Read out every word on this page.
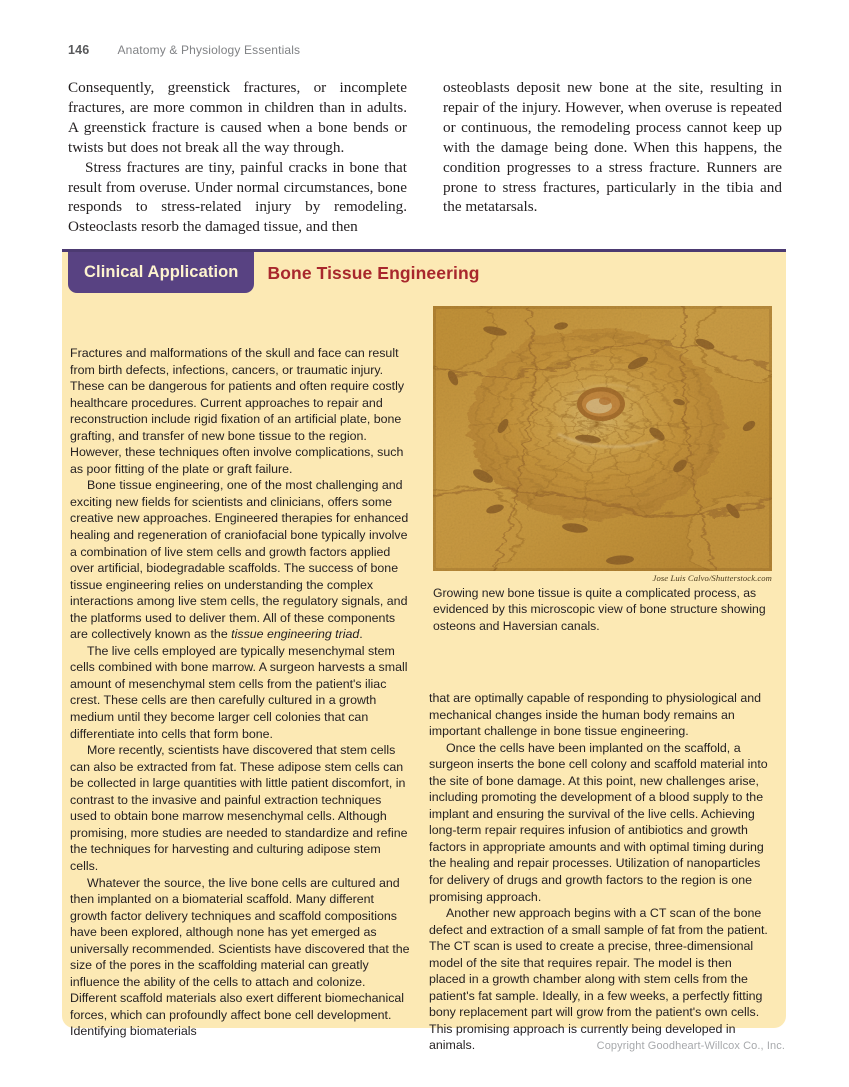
146 Anatomy & Physiology Essentials

Consequently, greenstick fractures, or incomplete fractures, are more common in children than in adults. A greenstick fracture is caused when a bone bends or twists but does not break all the way through.

Stress fractures are tiny, painful cracks in bone that result from overuse. Under normal circumstances, bone responds to stress-related injury by remodeling. Osteoclasts resorb the damaged tissue, and then

osteoblasts deposit new bone at the site, resulting in repair of the injury. However, when overuse is repeated or continuous, the remodeling process cannot keep up with the damage being done. When this happens, the condition progresses to a stress fracture. Runners are prone to stress fractures, particularly in the tibia and the metatarsals.

Clinical Application	Bone Tissue Engineering
Jose Luis Calvo/Shutterstock.com
Growing new bone tissue is quite a complicated process, as evidenced by this microscopic view of bone structure showing osteons and Haversian canals.

Fractures and malformations of the skull and face can result from birth defects, infections, cancers, or traumatic injury. These can be dangerous for patients and often require costly healthcare procedures. Current approaches to repair and reconstruction include rigid fixation of an artificial plate, bone grafting, and transfer of new bone tissue to the region. However, these techniques often involve complications, such as poor fitting of the plate or graft failure.

Bone tissue engineering, one of the most challenging and exciting new fields for scientists and clinicians, offers some creative new approaches. Engineered therapies for enhanced healing and regeneration of craniofacial bone typically involve a combination of live stem cells and growth factors applied over artificial, biodegradable scaffolds. The success of bone tissue engineering relies on understanding the complex interactions among live stem cells, the regulatory signals, and the platforms used to deliver them. All of these components are collectively known as the tissue engineering triad.

The live cells employed are typically mesenchymal stem cells combined with bone marrow. A surgeon harvests a small amount of mesenchymal stem cells from the patient's iliac crest. These cells are then carefully cultured in a growth medium until they become larger cell colonies that can differentiate into cells that form bone.

More recently, scientists have discovered that stem cells can also be extracted from fat. These adipose stem cells can be collected in large quantities with little patient discomfort, in contrast to the invasive and painful extraction techniques used to obtain bone marrow mesenchymal cells. Although promising, more studies are needed to standardize and refine the techniques for harvesting and culturing adipose stem cells.

Whatever the source, the live bone cells are cultured and then implanted on a biomaterial scaffold. Many different growth factor delivery techniques and scaffold compositions have been explored, although none has yet emerged as universally recommended. Scientists have discovered that the size of the pores in the scaffolding material can greatly influence the ability of the cells to attach and colonize. Different scaffold materials also exert different biomechanical forces, which can profoundly affect bone cell development. Identifying biomaterials

that are optimally capable of responding to physiological and mechanical changes inside the human body remains an important challenge in bone tissue engineering.

Once the cells have been implanted on the scaffold, a surgeon inserts the bone cell colony and scaffold material into the site of bone damage. At this point, new challenges arise, including promoting the development of a blood supply to the implant and ensuring the survival of the live cells. Achieving long-term repair requires infusion of antibiotics and growth factors in appropriate amounts and with optimal timing during the healing and repair processes. Utilization of nanoparticles for delivery of drugs and growth factors to the region is one promising approach.

Another new approach begins with a CT scan of the bone defect and extraction of a small sample of fat from the patient. The CT scan is used to create a precise, three-dimensional model of the site that requires repair. The model is then placed in a growth chamber along with stem cells from the patient's fat sample. Ideally, in a few weeks, a perfectly fitting bony replacement part will grow from the patient's own cells. This promising approach is currently being developed in animals.	Copyright Goodheart-Willcox Co., Inc.
